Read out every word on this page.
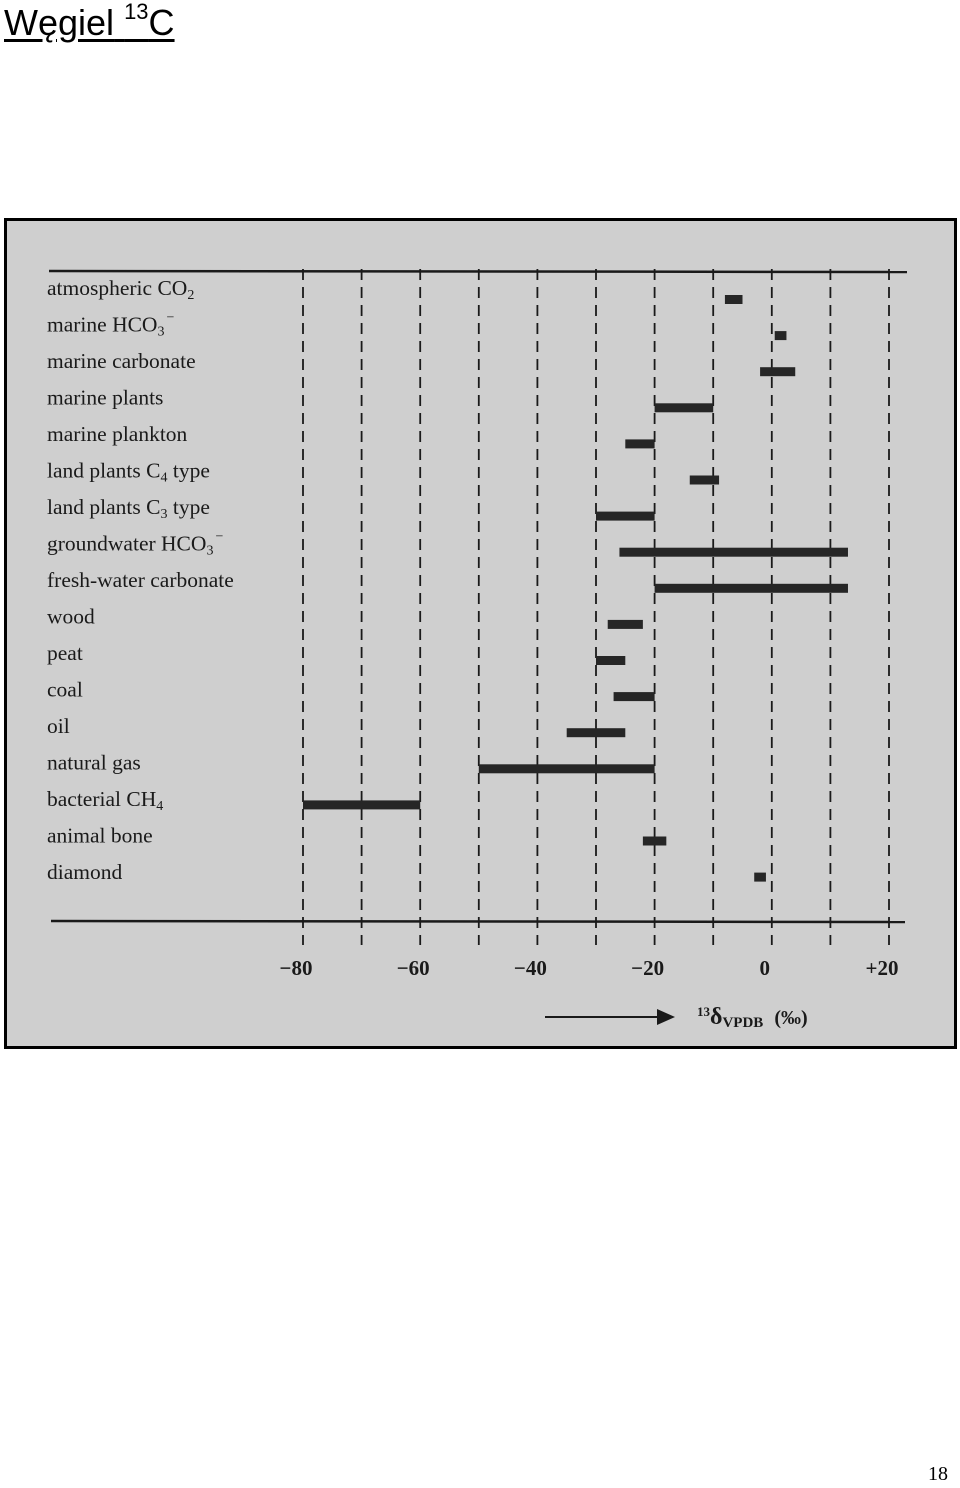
Węgiel $^{13}$C
atmospheric CO2
marine HCO3−
marine carbonate
marine plants
marine plankton
land plants C4 type
land plants C3 type
groundwater HCO3−
fresh-water carbonate
wood
peat
coal
oil
natural gas
bacterial CH4
animal bone
diamond
−80	−60	−40	−20	0	+20
$^{13}$δVPDB (‰)
18
